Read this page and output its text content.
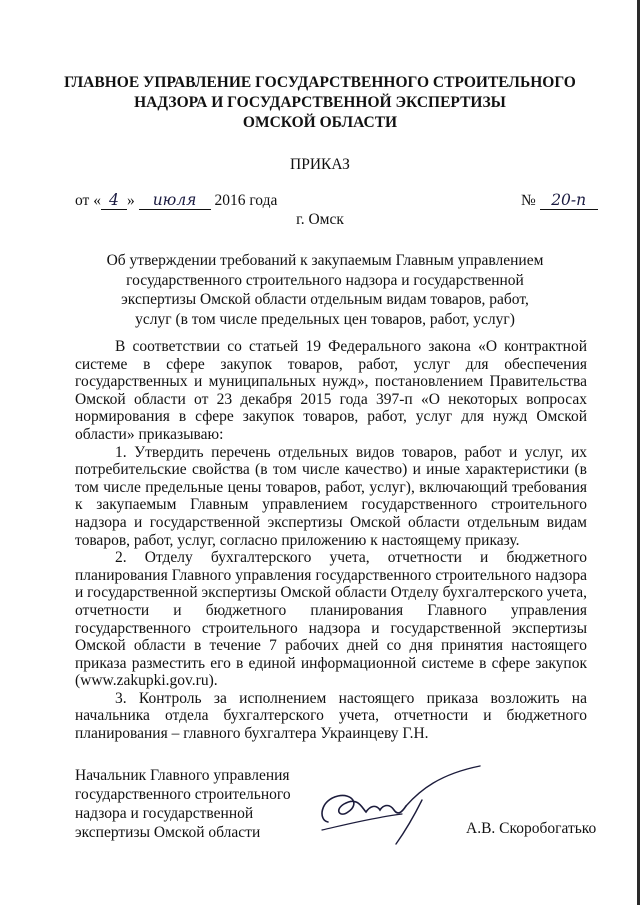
ГЛАВНОЕ УПРАВЛЕНИЕ ГОСУДАРСТВЕННОГО СТРОИТЕЛЬНОГО
НАДЗОРА И ГОСУДАРСТВЕННОЙ ЭКСПЕРТИЗЫ
ОМСКОЙ ОБЛАСТИ
ПРИКАЗ
от « 4 » июля 2016 года	№ 20-п
г. Омск
Об утверждении требований к закупаемым Главным управлением
государственного строительного надзора и государственной
экспертизы Омской области отдельным видам товаров, работ,
услуг (в том числе предельных цен товаров, работ, услуг)

В соответствии со статьей 19 Федерального закона «О контрактной системе в сфере закупок товаров, работ, услуг для обеспечения государственных и муниципальных нужд», постановлением Правительства Омской области от 23 декабря 2015 года 397-п «О некоторых вопросах нормирования в сфере закупок товаров, работ, услуг для нужд Омской области» приказываю:

1. Утвердить перечень отдельных видов товаров, работ и услуг, их потребительские свойства (в том числе качество) и иные характеристики (в том числе предельные цены товаров, работ, услуг), включающий требования к закупаемым Главным управлением государственного строительного надзора и государственной экспертизы Омской области отдельным видам товаров, работ, услуг, согласно приложению к настоящему приказу.

2. Отделу бухгалтерского учета, отчетности и бюджетного планирования Главного управления государственного строительного надзора и государственной экспертизы Омской области Отделу бухгалтерского учета, отчетности и бюджетного планирования Главного управления государственного строительного надзора и государственной экспертизы Омской области в течение 7 рабочих дней со дня принятия настоящего приказа разместить его в единой информационной системе в сфере закупок (www.zakupki.gov.ru).

3. Контроль за исполнением настоящего приказа возложить на начальника отдела бухгалтерского учета, отчетности и бюджетного планирования – главного бухгалтера Украинцеву Г.Н.

Начальник Главного управления
государственного строительного
надзора и государственной
экспертизы Омской области	А.В. Скоробогатько
